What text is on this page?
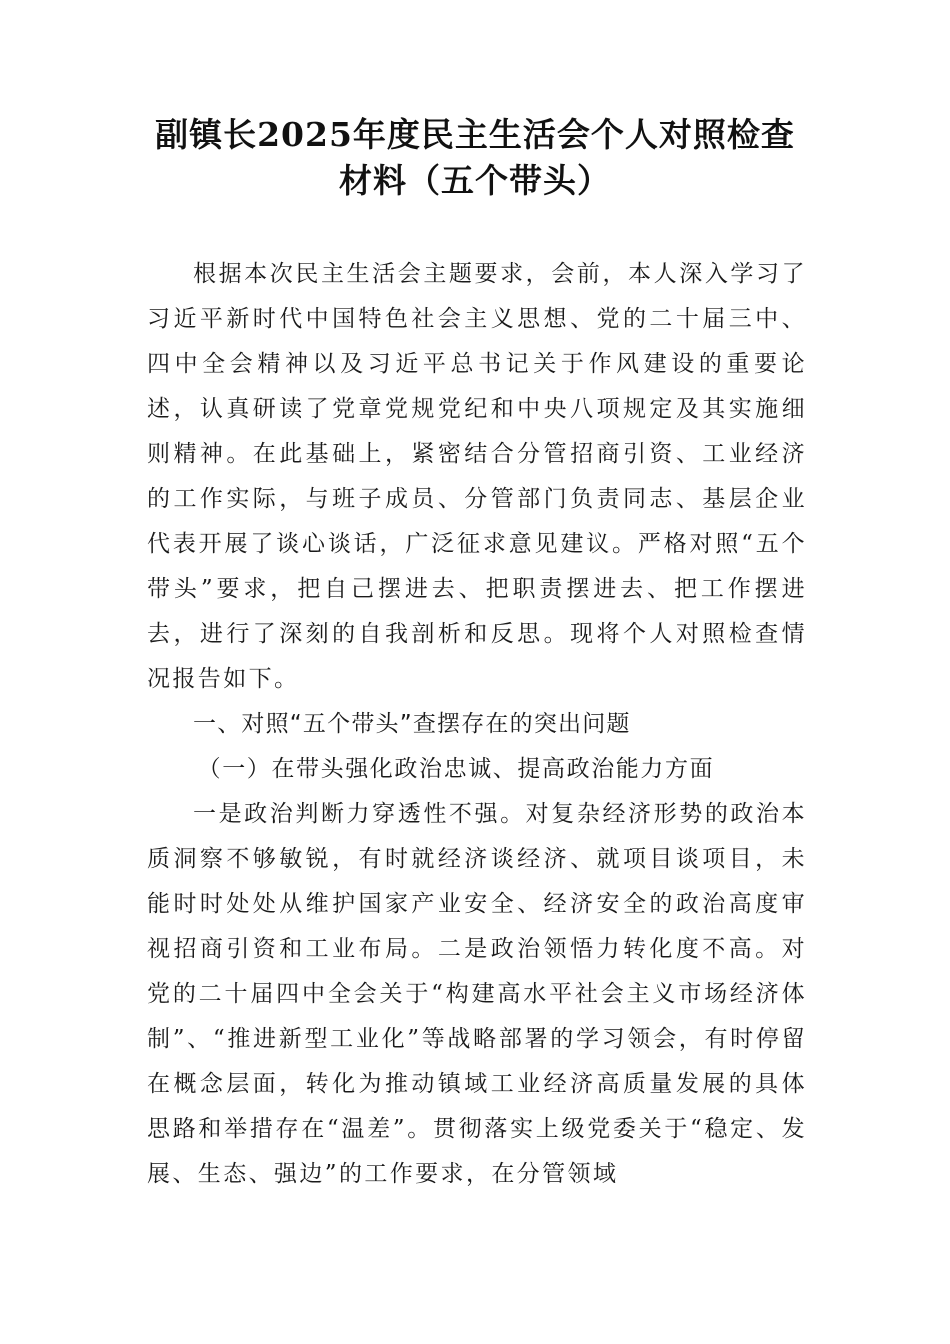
副镇长2025年度民主生活会个人对照检查
材料（五个带头）

根据本次民主生活会主题要求，会前，本人深入学习了习近平新时代中国特色社会主义思想、党的二十届三中、四中全会精神以及习近平总书记关于作风建设的重要论述，认真研读了党章党规党纪和中央八项规定及其实施细则精神。在此基础上，紧密结合分管招商引资、工业经济的工作实际，与班子成员、分管部门负责同志、基层企业代表开展了谈心谈话，广泛征求意见建议。严格对照“五个带头”要求，把自己摆进去、把职责摆进去、把工作摆进去，进行了深刻的自我剖析和反思。现将个人对照检查情况报告如下。

一、对照“五个带头”查摆存在的突出问题

（一）在带头强化政治忠诚、提高政治能力方面

一是政治判断力穿透性不强。对复杂经济形势的政治本质洞察不够敏锐，有时就经济谈经济、就项目谈项目，未能时时处处从维护国家产业安全、经济安全的政治高度审视招商引资和工业布局。二是政治领悟力转化度不高。对党的二十届四中全会关于“构建高水平社会主义市场经济体制”、“推进新型工业化”等战略部署的学习领会，有时停留在概念层面，转化为推动镇域工业经济高质量发展的具体思路和举措存在“温差”。贯彻落实上级党委关于“稳定、发展、生态、强边”的工作要求，在分管领域
